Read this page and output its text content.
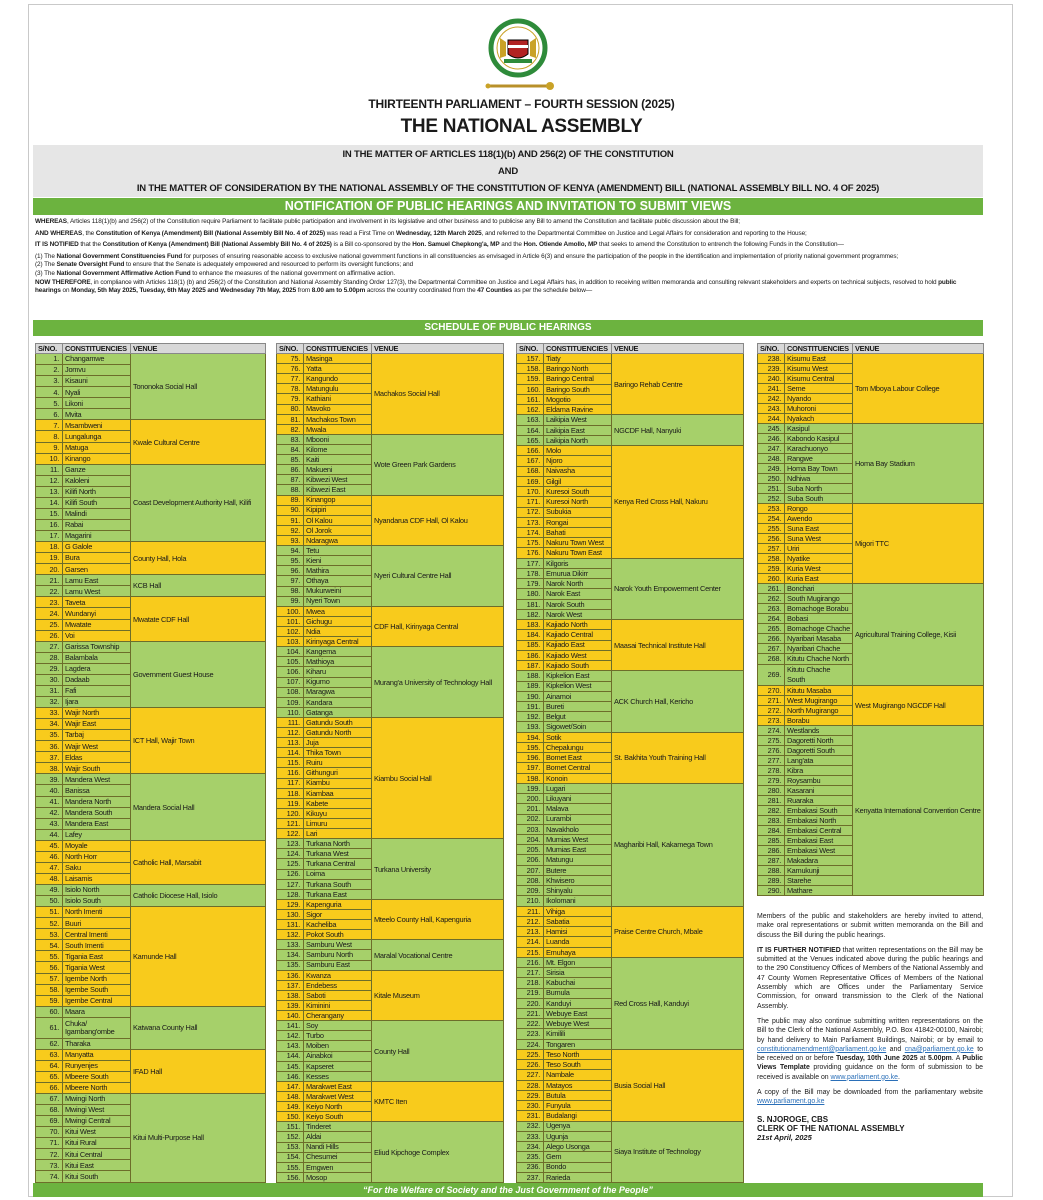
THIRTEENTH PARLIAMENT – FOURTH SESSION (2025)
THE NATIONAL ASSEMBLY
IN THE MATTER OF ARTICLES 118(1)(b) AND 256(2) OF THE CONSTITUTION
AND
IN THE MATTER OF CONSIDERATION BY THE NATIONAL ASSEMBLY OF THE CONSTITUTION OF KENYA (AMENDMENT) BILL (NATIONAL ASSEMBLY BILL NO. 4 OF 2025)
NOTIFICATION OF PUBLIC HEARINGS AND INVITATION TO SUBMIT VIEWS

WHEREAS, Articles 118(1)(b) and 256(2) of the Constitution require Parliament to facilitate public participation and involvement in its legislative and other business and to publicise any Bill to amend the Constitution and facilitate public discussion about the Bill;

AND WHEREAS, the Constitution of Kenya (Amendment) Bill (National Assembly Bill No. 4 of 2025) was read a First Time on Wednesday, 12th March 2025, and referred to the Departmental Committee on Justice and Legal Affairs for consideration and reporting to the House;

IT IS NOTIFIED that the Constitution of Kenya (Amendment) Bill (National Assembly Bill No. 4 of 2025) is a Bill co-sponsored by the Hon. Samuel Chepkong'a, MP and the Hon. Otiende Amollo, MP that seeks to amend the Constitution to entrench the following Funds in the Constitution—

(1) The National Government Constituencies Fund for purposes of ensuring reasonable access to exclusive national government functions in all constituencies as envisaged in Article 6(3) and ensure the participation of the people in the identification and implementation of priority national government programmes;

(2) The Senate Oversight Fund to ensure that the Senate is adequately empowered and resourced to perform its oversight functions; and

(3) The National Government Affirmative Action Fund to enhance the measures of the national government on affirmative action.

NOW THEREFORE, in compliance with Articles 118(1) (b) and 256(2) of the Constitution and National Assembly Standing Order 127(3), the Departmental Committee on Justice and Legal Affairs has, in addition to receiving written memoranda and consulting relevant stakeholders and experts on technical subjects, resolved to hold public hearings on Monday, 5th May 2025, Tuesday, 6th May 2025 and Wednesday 7th May, 2025 from 8.00 am to 5.00pm across the country coordinated from the 47 Counties as per the schedule below—

SCHEDULE OF PUBLIC HEARINGS
S/NO.	CONSTITUENCIES	VENUE
1.	Changamwe	Tononoka Social Hall
2.	Jomvu	
3.	Kisauni	
4.	Nyali	
5.	Likoni	
6.	Mvita	
7.	Msambweni	Kwale Cultural Centre
8.	Lungalunga	
9.	Matuga	
10.	Kinango	
11.	Ganze	Coast Development Authority Hall, Kilifi
12.	Kaloleni	
13.	Kilifi North	
14.	Kilifi South	
15.	Malindi	
16.	Rabai	
17.	Magarini	
18.	G Galole	County Hall, Hola
19.	Bura	
20.	Garsen	
21.	Lamu East	KCB Hall
22.	Lamu West	
23.	Taveta	Mwatate CDF Hall
24.	Wundanyi	
25.	Mwatate	
26.	Voi	
27.	Garissa Township	Government Guest House
28.	Balambala	
29.	Lagdera	
30.	Dadaab	
31.	Fafi	
32.	Ijara	
33.	Wajir North	ICT Hall, Wajir Town
34.	Wajir East	
35.	Tarbaj	
36.	Wajir West	
37.	Eldas	
38.	Wajir South	
39.	Mandera West	Mandera Social Hall
40.	Banissa	
41.	Mandera North	
42.	Mandera South	
43.	Mandera East	
44.	Lafey	
45.	Moyale	Catholic Hall, Marsabit
46.	North Horr	
47.	Saku	
48.	Laisamis	
49.	Isiolo North	Catholic Diocese Hall, Isiolo
50.	Isiolo South	
51.	North Imenti	Kamunde Hall
52.	Buuri	
53.	Central Imenti	
54.	South Imenti	
55.	Tigania East	
56.	Tigania West	
57.	Igembe North	
58.	Igembe South	
59.	Igembe Central	
60.	Maara	Katwana County Hall
61.	Chuka/ Igambang'ombe	
62.	Tharaka	
63.	Manyatta	IFAD Hall
64.	Runyenjes	
65.	Mbeere South	
66.	Mbeere North	
67.	Mwingi North	Kitui Multi-Purpose Hall
68.	Mwingi West	
69.	Mwingi Central	
70.	Kitui West	
71.	Kitui Rural	
72.	Kitui Central	
73.	Kitui East	
74.	Kitui South	
S/NO.	CONSTITUENCIES	VENUE
75.	Masinga	Machakos Social Hall
76.	Yatta	
77.	Kangundo	
78.	Matungulu	
79.	Kathiani	
80.	Mavoko	
81.	Machakos Town	
82.	Mwala	
83.	Mbooni	Wote Green Park Gardens
84.	Kilome	
85.	Kaiti	
86.	Makueni	
87.	Kibwezi West	
88.	Kibwezi East	
89.	Kinangop	Nyandarua CDF Hall, Ol Kalou
90.	Kipipiri	
91.	Ol Kalou	
92.	Ol Jorok	
93.	Ndaragwa	
94.	Tetu	Nyeri Cultural Centre Hall
95.	Kieni	
96.	Mathira	
97.	Othaya	
98.	Mukurweini	
99.	Nyeri Town	
100.	Mwea	CDF Hall, Kirinyaga Central
101.	Gichugu	
102.	Ndia	
103.	Kirinyaga Central	
104.	Kangema	Murang'a University of Technology Hall
105.	Mathioya	
106.	Kiharu	
107.	Kigumo	
108.	Maragwa	
109.	Kandara	
110.	Gatanga	
111.	Gatundu South	Kiambu Social Hall
112.	Gatundu North	
113.	Juja	
114.	Thika Town	
115.	Ruiru	
116.	Githunguri	
117.	Kiambu	
118.	Kiambaa	
119.	Kabete	
120.	Kikuyu	
121.	Limuru	
122.	Lari	
123.	Turkana North	Turkana University
124.	Turkana West	
125.	Turkana Central	
126.	Loima	
127.	Turkana South	
128.	Turkana East	
129.	Kapenguria	Mteelo County Hall, Kapenguria
130.	Sigor	
131.	Kacheliba	
132.	Pokot South	
133.	Samburu West	Maralal Vocational Centre
134.	Samburu North	
135.	Samburu East	
136.	Kwanza	Kitale Museum
137.	Endebess	
138.	Saboti	
139.	Kiminini	
140.	Cherangany	
141.	Soy	County Hall
142.	Turbo	
143.	Moiben	
144.	Ainabkoi	
145.	Kapseret	
146.	Kesses	
147.	Marakwet East	KMTC Iten
148.	Marakwet West	
149.	Keiyo North	
150.	Keiyo South	
151.	Tinderet	Eliud Kipchoge Complex
152.	Aldai	
153.	Nandi Hills	
154.	Chesumei	
155.	Emgwen	
156.	Mosop	
S/NO.	CONSTITUENCIES	VENUE
157.	Tiaty	Baringo Rehab Centre
158.	Baringo North	
159.	Baringo Central	
160.	Baringo South	
161.	Mogotio	
162.	Eldama Ravine	
163.	Laikipia West	NGCDF Hall, Nanyuki
164.	Laikipia East	
165.	Laikipia North	
166.	Molo	Kenya Red Cross Hall, Nakuru
167.	Njoro	
168.	Naivasha	
169.	Gilgil	
170.	Kuresoi South	
171.	Kuresoi North	
172.	Subukia	
173.	Rongai	
174.	Bahati	
175.	Nakuru Town West	
176.	Nakuru Town East	
177.	Kilgoris	Narok Youth Empowerment Center
178.	Emurua Dikirr	
179.	Narok North	
180.	Narok East	
181.	Narok South	
182.	Narok West	
183.	Kajiado North	Maasai Technical Institute Hall
184.	Kajiado Central	
185.	Kajiado East	
186.	Kajiado West	
187.	Kajiado South	
188.	Kipkelion East	ACK Church Hall, Kericho
189.	Kipkelion West	
190.	Ainamoi	
191.	Bureti	
192.	Belgut	
193.	Sigowet/Soin	
194.	Sotik	St. Bakhita Youth Training Hall
195.	Chepalungu	
196.	Bomet East	
197.	Bomet Central	
198.	Konoin	
199.	Lugari	Magharibi Hall, Kakamega Town
200.	Likuyani	
201.	Malava	
202.	Lurambi	
203.	Navakholo	
204.	Mumias West	
205.	Mumias East	
206.	Matungu	
207.	Butere	
208.	Khwisero	
209.	Shinyalu	
210.	Ikolomani	
211.	Vihiga	Praise Centre Church, Mbale
212.	Sabatia	
213.	Hamisi	
214.	Luanda	
215.	Emuhaya	
216.	Mt. Elgon	Red Cross Hall, Kanduyi
217.	Sirisia	
218.	Kabuchai	
219.	Bumula	
220.	Kanduyi	
221.	Webuye East	
222.	Webuye West	
223.	Kimilili	
224.	Tongaren	
225.	Teso North	Busia Social Hall
226.	Teso South	
227.	Nambale	
228.	Matayos	
229.	Butula	
230.	Funyula	
231.	Budalangi	
232.	Ugenya	Siaya Institute of Technology
233.	Ugunja	
234.	Alego Usonga	
235.	Gem	
236.	Bondo	
237.	Rarieda	
S/NO.	CONSTITUENCIES	VENUE
238.	Kisumu East	Tom Mboya Labour College
239.	Kisumu West	
240.	Kisumu Central	
241.	Seme	
242.	Nyando	
243.	Muhoroni	
244.	Nyakach	
245.	Kasipul	Homa Bay Stadium
246.	Kabondo Kasipul	
247.	Karachuonyo	
248.	Rangwe	
249.	Homa Bay Town	
250.	Ndhiwa	
251.	Suba North	
252.	Suba South	
253.	Rongo	Migori TTC
254.	Awendo	
255.	Suna East	
256.	Suna West	
257.	Uriri	
258.	Nyatike	
259.	Kuria West	
260.	Kuria East	
261.	Bonchari	Agricultural Training College, Kisii
262.	South Mugirango	
263.	Bomachoge Borabu	
264.	Bobasi	
265.	Bomachoge Chache	
266.	Nyaribari Masaba	
267.	Nyaribari Chache	
268.	Kitutu Chache North	
269.	Kitutu Chache South	
270.	Kitutu Masaba	West Mugirango NGCDF Hall
271.	West Mugirango	
272.	North Mugirango	
273.	Borabu	
274.	Westlands	Kenyatta International Convention Centre
275.	Dagoretti North	
276.	Dagoretti South	
277.	Lang'ata	
278.	Kibra	
279.	Roysambu	
280.	Kasarani	
281.	Ruaraka	
282.	Embakasi South	
283.	Embakasi North	
284.	Embakasi Central	
285.	Embakasi East	
286.	Embakasi West	
287.	Makadara	
288.	Kamukunji	
289.	Starehe	
290.	Mathare	

Members of the public and stakeholders are hereby invited to attend, make oral representations or submit written memoranda on the Bill and discuss the Bill during the public hearings.

IT IS FURTHER NOTIFIED that written representations on the Bill may be submitted at the Venues indicated above during the public hearings and to the 290 Constituency Offices of Members of the National Assembly and 47 County Women Representative Offices of Members of the National Assembly which are Offices under the Parliamentary Service Commission, for onward transmission to the Clerk of the National Assembly.

The public may also continue submitting written representations on the Bill to the Clerk of the National Assembly, P.O. Box 41842-00100, Nairobi; by hand delivery to Main Parliament Buildings, Nairobi; or by email to constitutionamendment@parliament.go.ke and cna@parliament.go.ke to be received on or before Tuesday, 10th June 2025 at 5.00pm. A Public Views Template providing guidance on the form of submission to be received is available on www.parliament.go.ke.

A copy of the Bill may be downloaded from the parliamentary website www.parliament.go.ke

S. NJOROGE, CBS
CLERK OF THE NATIONAL ASSEMBLY
21st April, 2025
“For the Welfare of Society and the Just Government of the People”
